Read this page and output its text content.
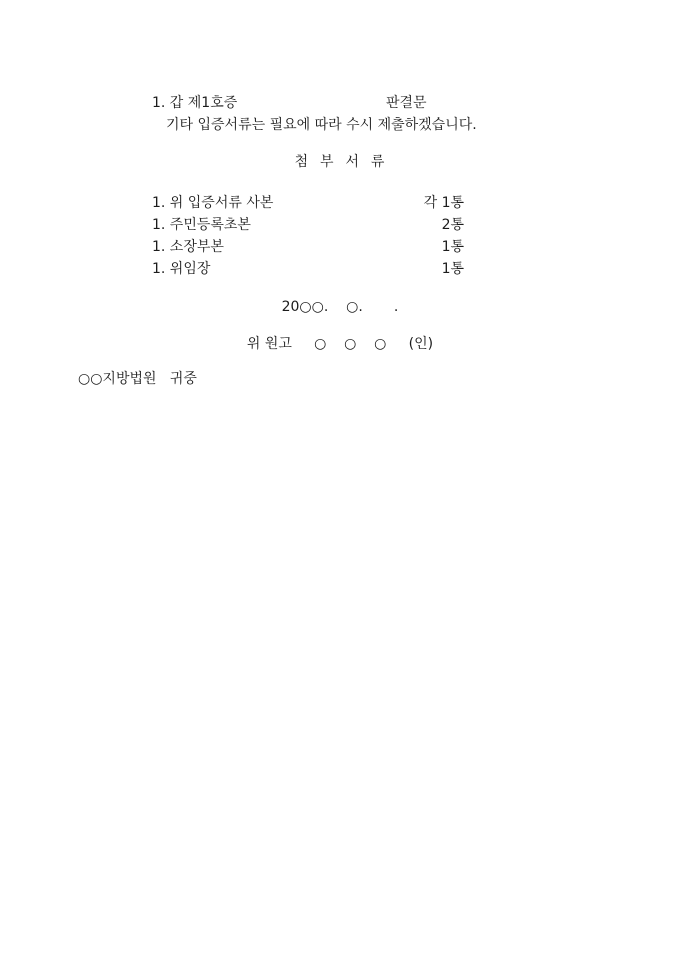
1. 갑 제1호증	판결문
기타 입증서류는 필요에 따라 수시 제출하겠습니다.
첨  부  서  류
1. 위 입증서류 사본	각 1통
1. 주민등록초본	2통
1. 소장부본	1통
1. 위임장	1통
20○○.    ○.       .
위 원고     ○    ○    ○     (인)
○○지방법원   귀중
